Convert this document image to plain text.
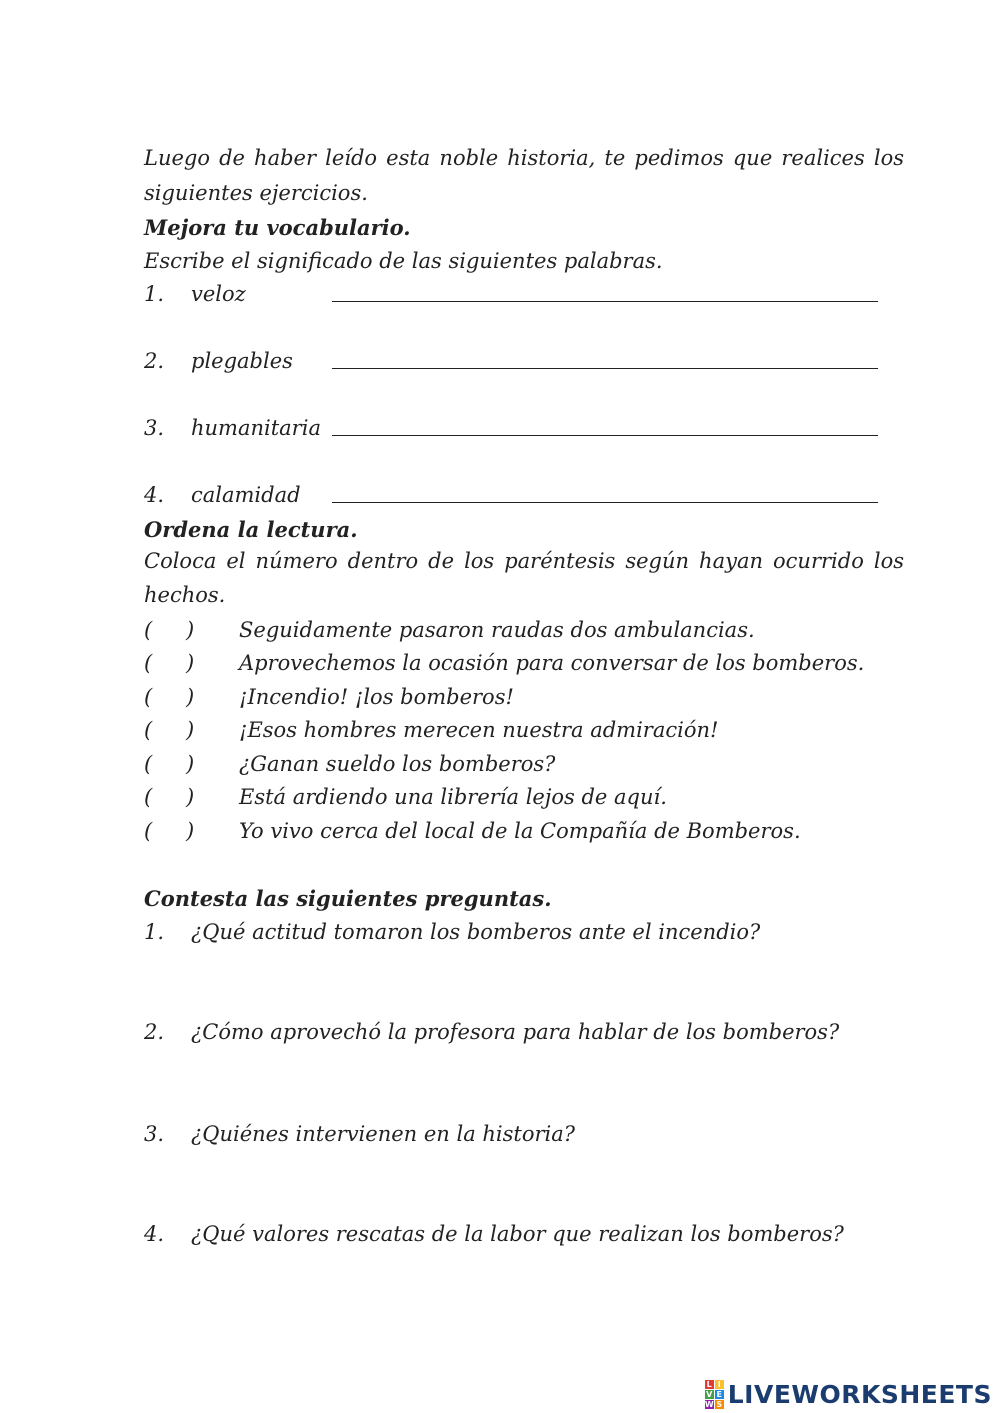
Luego de haber leído esta noble historia, te pedimos que realices los
siguientes ejercicios.
Mejora tu vocabulario.
Escribe el significado de las siguientes palabras.
1. veloz
2. plegables
3. humanitaria
4. calamidad
Ordena la lectura.
Coloca el número dentro de los paréntesis según hayan ocurrido los
hechos.
( ) Seguidamente pasaron raudas dos ambulancias.
( ) Aprovechemos la ocasión para conversar de los bomberos.
( ) ¡Incendio! ¡los bomberos!
( ) ¡Esos hombres merecen nuestra admiración!
( ) ¿Ganan sueldo los bomberos?
( ) Está ardiendo una librería lejos de aquí.
( ) Yo vivo cerca del local de la Compañía de Bomberos.
Contesta las siguientes preguntas.
1. ¿Qué actitud tomaron los bomberos ante el incendio?
2. ¿Cómo aprovechó la profesora para hablar de los bomberos?
3. ¿Quiénes intervienen en la historia?
4. ¿Qué valores rescatas de la labor que realizan los bomberos?
L I
V E
W S LIVEWORKSHEETS
